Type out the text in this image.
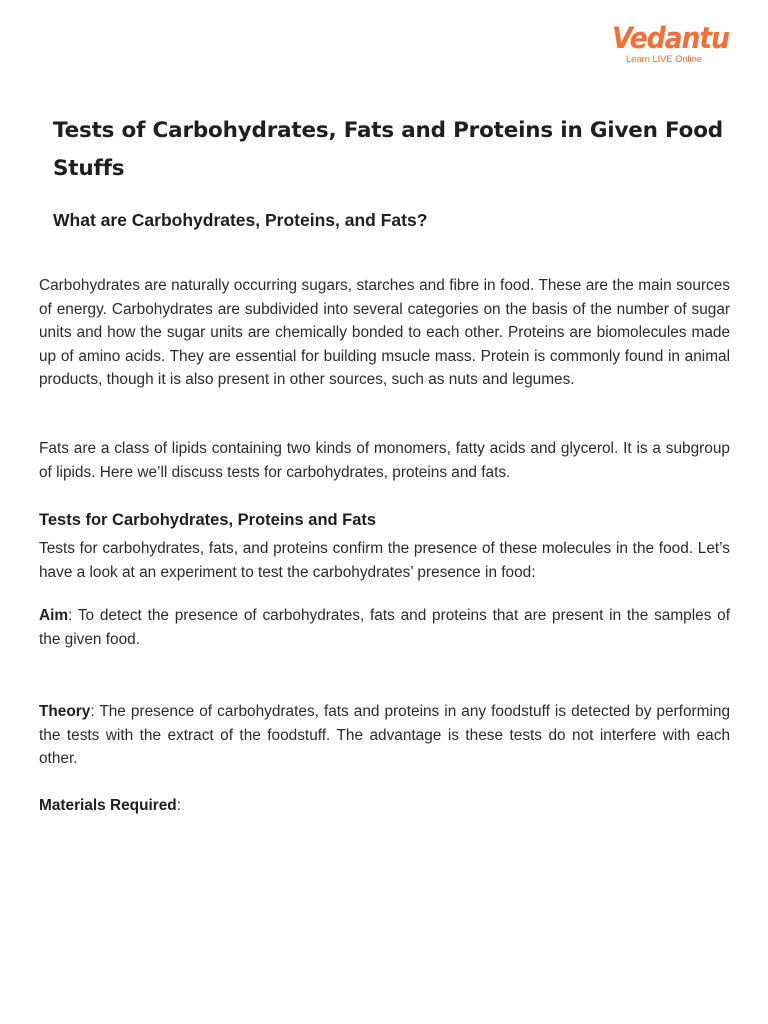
Vedantu
Learn LIVE Online
Tests of Carbohydrates, Fats and Proteins in Given Food Stuffs
What are Carbohydrates, Proteins, and Fats?

Carbohydrates are naturally occurring sugars, starches and fibre in food. These are the main sources of energy. Carbohydrates are subdivided into several categories on the basis of the number of sugar units and how the sugar units are chemically bonded to each other. Proteins are biomolecules made up of amino acids. They are essential for building msucle mass. Protein is commonly found in animal products, though it is also present in other sources, such as nuts and legumes.

Fats are a class of lipids containing two kinds of monomers, fatty acids and glycerol. It is a subgroup of lipids. Here we’ll discuss tests for carbohydrates, proteins and fats.

Tests for Carbohydrates, Proteins and Fats

Tests for carbohydrates, fats, and proteins confirm the presence of these molecules in the food. Let’s have a look at an experiment to test the carbohydrates’ presence in food:

Aim: To detect the presence of carbohydrates, fats and proteins that are present in the samples of the given food.

Theory: The presence of carbohydrates, fats and proteins in any foodstuff is detected by performing the tests with the extract of the foodstuff. The advantage is these tests do not interfere with each other.

Materials Required:
